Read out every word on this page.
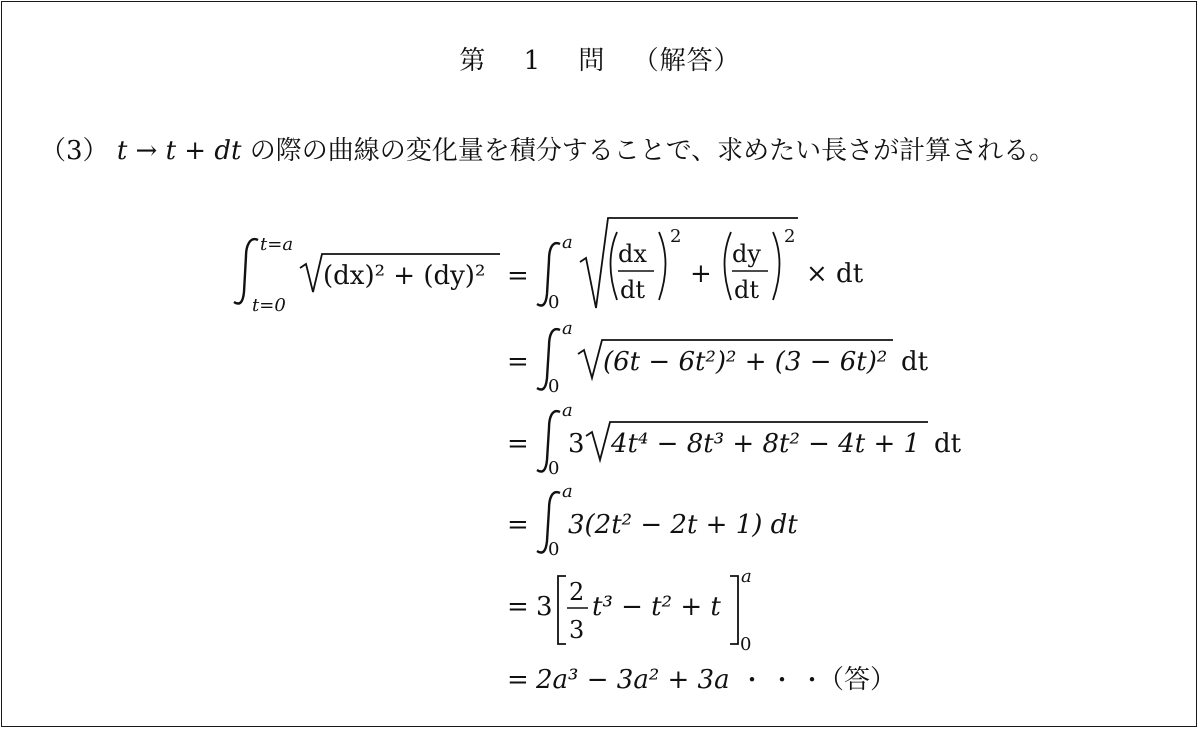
第 1 問 （解答）
（3） t → t + dt の際の曲線の変化量を積分することで、求めたい長さが計算される。
t=a
t=0
(dx)² + (dy)² =
a
0
dx
dt
2
+
dy
dt
2
× dt
=
a
0
(6t − 6t²)² + (3 − 6t)² dt
=
a
0
3 4t⁴ − 8t³ + 8t² − 4t + 1 dt
=
a
0
3(2t² − 2t + 1) dt
= 3 2
3
t³ − t² + t
a
0
= 2a³ − 3a² + 3a ・・・
（答）
